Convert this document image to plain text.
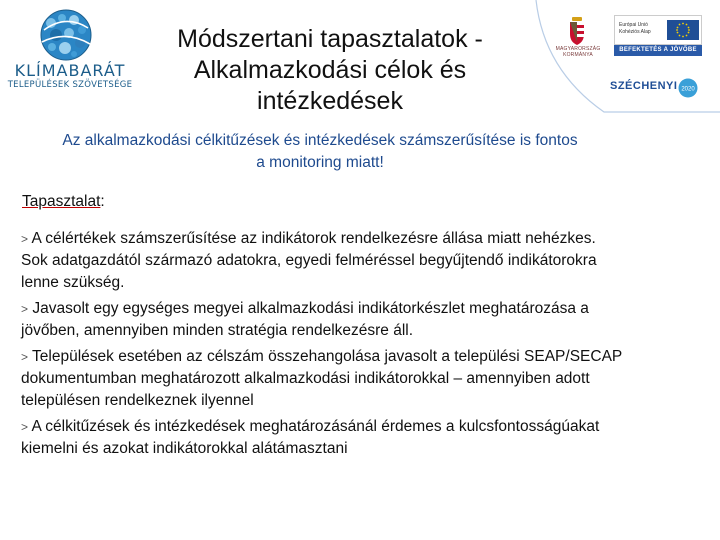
KLÍMABARÁT
TELEPÜLÉSEK SZÖVETSÉGE
Módszertani tapasztalatok -
Alkalmazkodási célok és
intézkedések
MAGYARORSZÁG KORMÁNYA
Európai Unió Kohéziós Alap
BEFEKTETÉS A JÖVŐBE
SZÉCHENYI 2020
Az alkalmazkodási célkitűzések és intézkedések számszerűsítése is fontos
a monitoring miatt!
Tapasztalat:
> A célértékek számszerűsítése az indikátorok rendelkezésre állása miatt nehézkes.
Sok adatgazdától származó adatokra, egyedi felméréssel begyűjtendő indikátorokra
lenne szükség.
> Javasolt egy egységes megyei alkalmazkodási indikátorkészlet meghatározása a
jövőben, amennyiben minden stratégia rendelkezésre áll.
> Települések esetében az célszám összehangolása javasolt a települési SEAP/SECAP
dokumentumban meghatározott alkalmazkodási indikátorokkal – amennyiben adott
településen rendelkeznek ilyennel
> A célkitűzések és intézkedések meghatározásánál érdemes a kulcsfontosságúakat
kiemelni és azokat indikátorokkal alátámasztani
